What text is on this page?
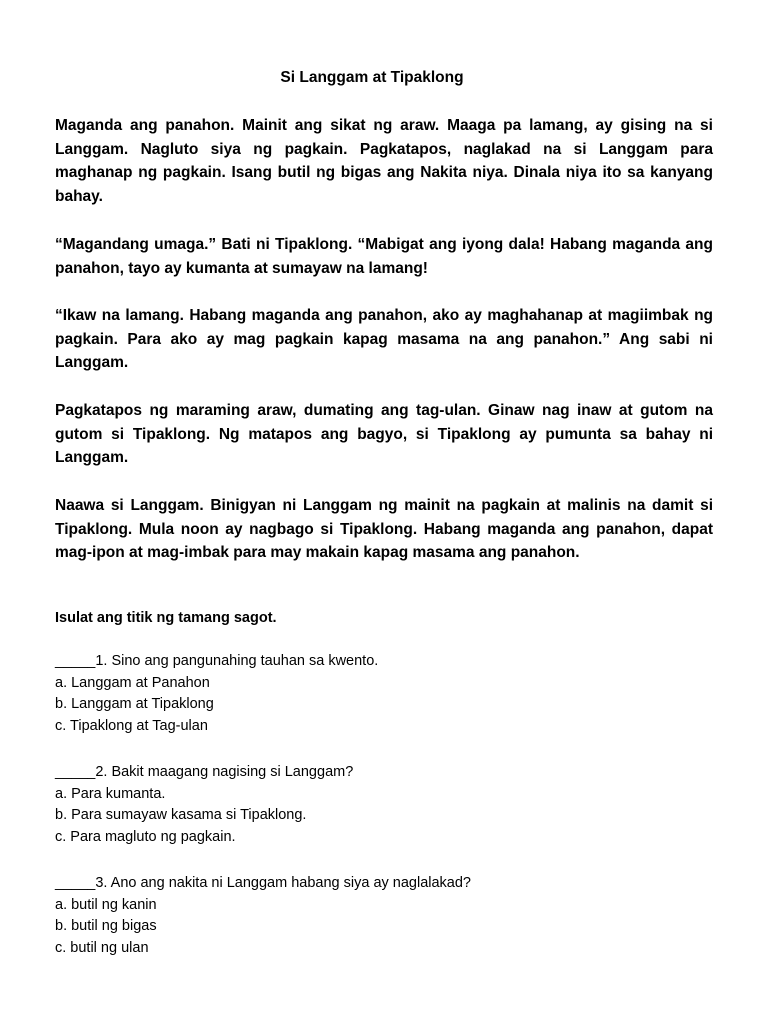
Si Langgam at Tipaklong

Maganda ang panahon. Mainit ang sikat ng araw. Maaga pa lamang, ay gising na si Langgam. Nagluto siya ng pagkain. Pagkatapos, naglakad na si Langgam para maghanap ng pagkain. Isang butil ng bigas ang Nakita niya. Dinala niya ito sa kanyang bahay.

“Magandang umaga.” Bati ni Tipaklong. “Mabigat ang iyong dala! Habang maganda ang panahon, tayo ay kumanta at sumayaw na lamang!

“Ikaw na lamang. Habang maganda ang panahon, ako ay maghahanap at magiimbak ng pagkain. Para ako ay mag pagkain kapag masama na ang panahon.” Ang sabi ni Langgam.

Pagkatapos ng maraming araw, dumating ang tag-ulan. Ginaw nag inaw at gutom na gutom si Tipaklong. Ng matapos ang bagyo, si Tipaklong ay pumunta sa bahay ni Langgam.

Naawa si Langgam. Binigyan ni Langgam ng mainit na pagkain at malinis na damit si Tipaklong. Mula noon ay nagbago si Tipaklong. Habang maganda ang panahon, dapat mag-ipon at mag-imbak para may makain kapag masama ang panahon.

Isulat ang titik ng tamang sagot.

_____1. Sino ang pangunahing tauhan sa kwento.
a. Langgam at Panahon
b. Langgam at Tipaklong
c. Tipaklong at Tag-ulan
_____2. Bakit maagang nagising si Langgam?
a. Para kumanta.
b. Para sumayaw kasama si Tipaklong.
c. Para magluto ng pagkain.
_____3. Ano ang nakita ni Langgam habang siya ay naglalakad?
a. butil ng kanin
b. butil ng bigas
c. butil ng ulan
